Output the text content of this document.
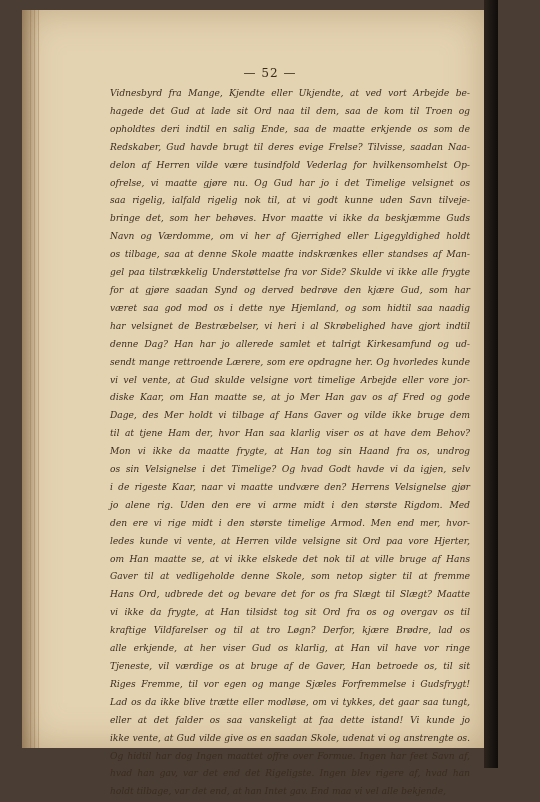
— 52 —
Vidnesbyrd fra Mange, Kjendte eller Ukjendte, at ved vort Arbejde be-
hagede det Gud at lade sit Ord naa til dem, saa de kom til Troen og
opholdtes deri indtil en salig Ende, saa de maatte erkjende os som de
Redskaber, Gud havde brugt til deres evige Frelse? Tilvisse, saadan Naa-
delon af Herren vilde være tusindfold Vederlag for hvilkensomhelst Op-
ofrelse, vi maatte gjøre nu. Og Gud har jo i det Timelige velsignet os
saa rigelig, ialfald rigelig nok til, at vi godt kunne uden Savn tilveje-
bringe det, som her behøves. Hvor maatte vi ikke da beskjæmme Guds
Navn og Værdomme, om vi her af Gjerrighed eller Ligegyldighed holdt
os tilbage, saa at denne Skole maatte indskrænkes eller standses af Man-
gel paa tilstrækkelig Understøttelse fra vor Side? Skulde vi ikke alle frygte
for at gjøre saadan Synd og derved bedrøve den kjære Gud, som har
været saa god mod os i dette nye Hjemland, og som hidtil saa naadig
har velsignet de Bestræbelser, vi heri i al Skrøbelighed have gjort indtil
denne Dag? Han har jo allerede samlet et talrigt Kirkesamfund og ud-
sendt mange rettroende Lærere, som ere opdragne her. Og hvorledes kunde
vi vel vente, at Gud skulde velsigne vort timelige Arbejde eller vore jor-
diske Kaar, om Han maatte se, at jo Mer Han gav os af Fred og gode
Dage, des Mer holdt vi tilbage af Hans Gaver og vilde ikke bruge dem
til at tjene Ham der, hvor Han saa klarlig viser os at have dem Behov?
Mon vi ikke da maatte frygte, at Han tog sin Haand fra os, undrog
os sin Velsignelse i det Timelige? Og hvad Godt havde vi da igjen, selv
i de rigeste Kaar, naar vi maatte undvære den? Herrens Velsignelse gjør
jo alene rig. Uden den ere vi arme midt i den største Rigdom. Med
den ere vi rige midt i den største timelige Armod. Men end mer, hvor-
ledes kunde vi vente, at Herren vilde velsigne sit Ord paa vore Hjerter,
om Han maatte se, at vi ikke elskede det nok til at ville bruge af Hans
Gaver til at vedligeholde denne Skole, som netop sigter til at fremme
Hans Ord, udbrede det og bevare det for os fra Slægt til Slægt? Maatte
vi ikke da frygte, at Han tilsidst tog sit Ord fra os og overgav os til
kraftige Vildfarelser og til at tro Løgn? Derfor, kjære Brødre, lad os
alle erkjende, at her viser Gud os klarlig, at Han vil have vor ringe
Tjeneste, vil værdige os at bruge af de Gaver, Han betroede os, til sit
Riges Fremme, til vor egen og mange Sjæles Forfremmelse i Gudsfrygt!
Lad os da ikke blive trætte eller modløse, om vi tykkes, det gaar saa tungt,
eller at det falder os saa vanskeligt at faa dette istand! Vi kunde jo
ikke vente, at Gud vilde give os en saadan Skole, udenat vi og anstrengte os.
Og hidtil har dog Ingen maattet offre over Formue. Ingen har feet Savn af,
hvad han gav, var det end det Rigeligste. Ingen blev rigere af, hvad han
holdt tilbage, var det end, at han Intet gav. End maa vi vel alle bekjende,
